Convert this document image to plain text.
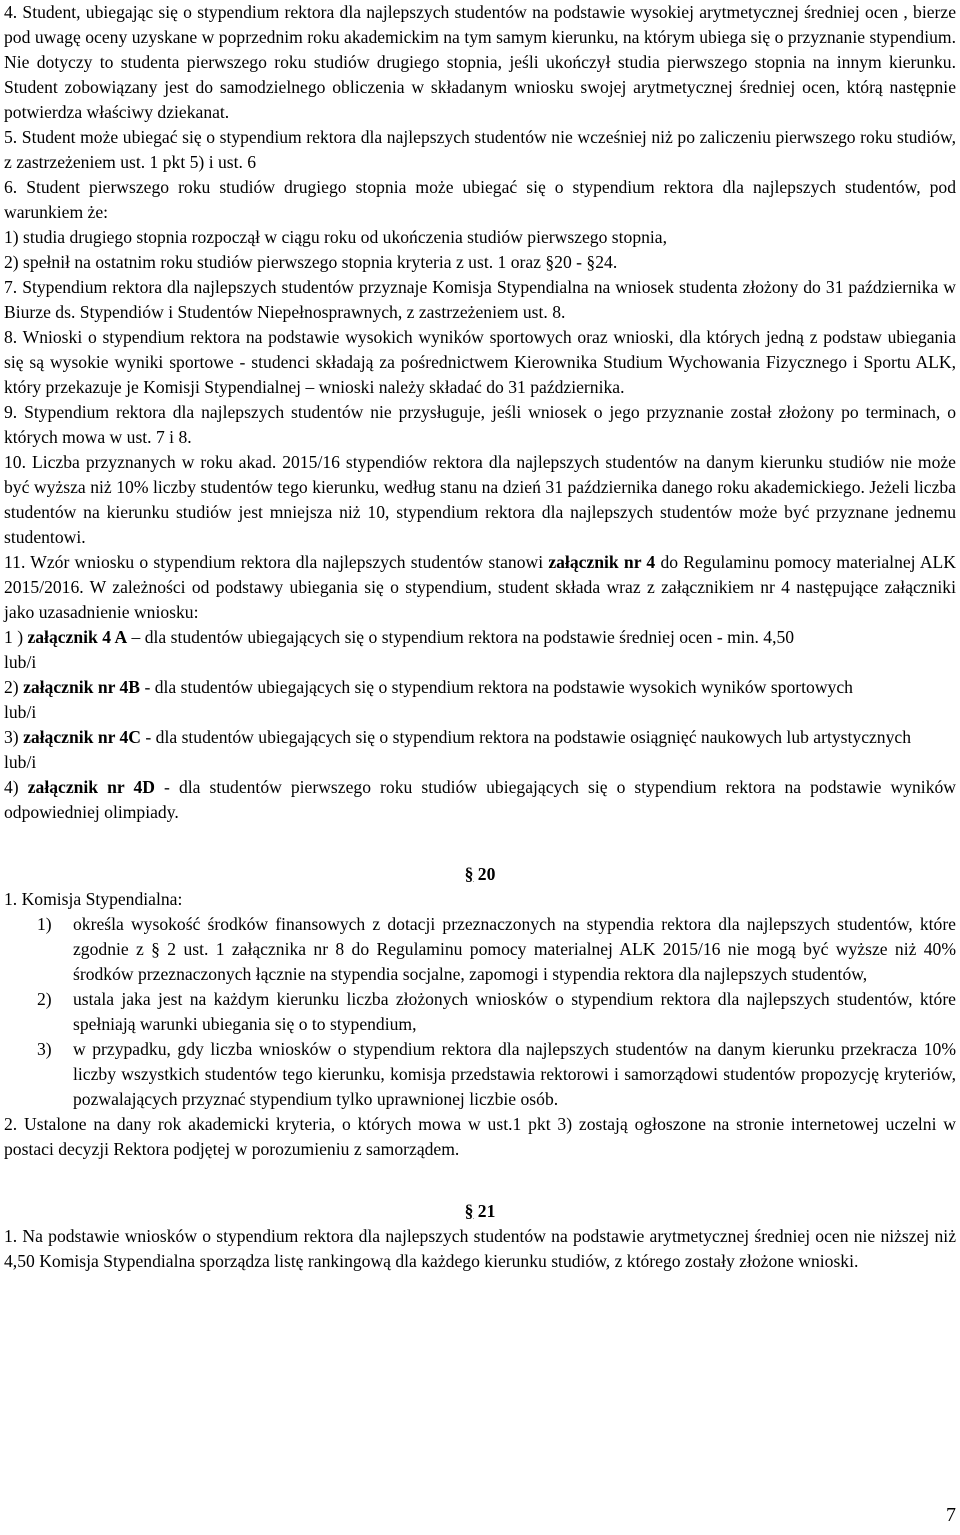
4. Student, ubiegając się o stypendium rektora dla najlepszych studentów na podstawie wysokiej arytmetycznej średniej ocen , bierze pod uwagę oceny uzyskane w poprzednim roku akademickim na tym samym kierunku, na którym ubiega się o przyznanie stypendium. Nie dotyczy to studenta pierwszego roku studiów drugiego stopnia, jeśli ukończył studia pierwszego stopnia na innym kierunku. Student zobowiązany jest do samodzielnego obliczenia w składanym wniosku swojej arytmetycznej średniej ocen, którą następnie potwierdza właściwy dziekanat.

5. Student może ubiegać się o stypendium rektora dla najlepszych studentów nie wcześniej niż po zaliczeniu pierwszego roku studiów, z zastrzeżeniem ust. 1 pkt 5) i ust. 6

6. Student pierwszego roku studiów drugiego stopnia może ubiegać się o stypendium rektora dla najlepszych studentów, pod warunkiem że:

1) studia drugiego stopnia rozpoczął w ciągu roku od ukończenia studiów pierwszego stopnia,

2) spełnił na ostatnim roku studiów pierwszego stopnia kryteria z ust. 1 oraz §20 - §24.

7. Stypendium rektora dla najlepszych studentów przyznaje Komisja Stypendialna na wniosek studenta złożony do 31 października w Biurze ds. Stypendiów i Studentów Niepełnosprawnych, z zastrzeżeniem ust. 8.

8. Wnioski o stypendium rektora na podstawie wysokich wyników sportowych oraz wnioski, dla których jedną z podstaw ubiegania się są wysokie wyniki sportowe - studenci składają za pośrednictwem Kierownika Studium Wychowania Fizycznego i Sportu ALK, który przekazuje je Komisji Stypendialnej – wnioski należy składać do 31 października.

9. Stypendium rektora dla najlepszych studentów nie przysługuje, jeśli wniosek o jego przyznanie został złożony po terminach, o których mowa w ust. 7 i 8.

10. Liczba przyznanych w roku akad. 2015/16 stypendiów rektora dla najlepszych studentów na danym kierunku studiów nie może być wyższa niż 10% liczby studentów tego kierunku, według stanu na dzień 31 października danego roku akademickiego. Jeżeli liczba studentów na kierunku studiów jest mniejsza niż 10, stypendium rektora dla najlepszych studentów może być przyznane jednemu studentowi.

11. Wzór wniosku o stypendium rektora dla najlepszych studentów stanowi załącznik nr 4 do Regulaminu pomocy materialnej ALK 2015/2016. W zależności od podstawy ubiegania się o stypendium, student składa wraz z załącznikiem nr 4 następujące załączniki jako uzasadnienie wniosku:

1 ) załącznik 4 A – dla studentów ubiegających się o stypendium rektora na podstawie średniej ocen - min. 4,50

lub/i

2) załącznik nr 4B - dla studentów ubiegających się o stypendium rektora na podstawie wysokich wyników sportowych

lub/i

3) załącznik nr 4C - dla studentów ubiegających się o stypendium rektora na podstawie osiągnięć naukowych lub artystycznych

lub/i

4) załącznik nr 4D - dla studentów pierwszego roku studiów ubiegających się o stypendium rektora na podstawie wyników odpowiedniej olimpiady.

§ 20

1. Komisja Stypendialna:

1)	określa wysokość środków finansowych z dotacji przeznaczonych na stypendia rektora dla najlepszych studentów, które zgodnie z § 2 ust. 1 załącznika nr 8 do Regulaminu pomocy materialnej ALK 2015/16 nie mogą być wyższe niż 40% środków przeznaczonych łącznie na stypendia socjalne, zapomogi i stypendia rektora dla najlepszych studentów,
2)	ustala jaka jest na każdym kierunku liczba złożonych wniosków o stypendium rektora dla najlepszych studentów, które spełniają warunki ubiegania się o to stypendium,
3)	w przypadku, gdy liczba wniosków o stypendium rektora dla najlepszych studentów na danym kierunku przekracza 10% liczby wszystkich studentów tego kierunku, komisja przedstawia rektorowi i samorządowi studentów propozycję kryteriów, pozwalających przyznać stypendium tylko uprawnionej liczbie osób.

2. Ustalone na dany rok akademicki kryteria, o których mowa w ust.1 pkt 3) zostają ogłoszone na stronie internetowej uczelni w postaci decyzji Rektora podjętej w porozumieniu z samorządem.

§ 21

1. Na podstawie wniosków o stypendium rektora dla najlepszych studentów na podstawie arytmetycznej średniej ocen nie niższej niż 4,50 Komisja Stypendialna sporządza listę rankingową dla każdego kierunku studiów, z którego zostały złożone wnioski.

7
